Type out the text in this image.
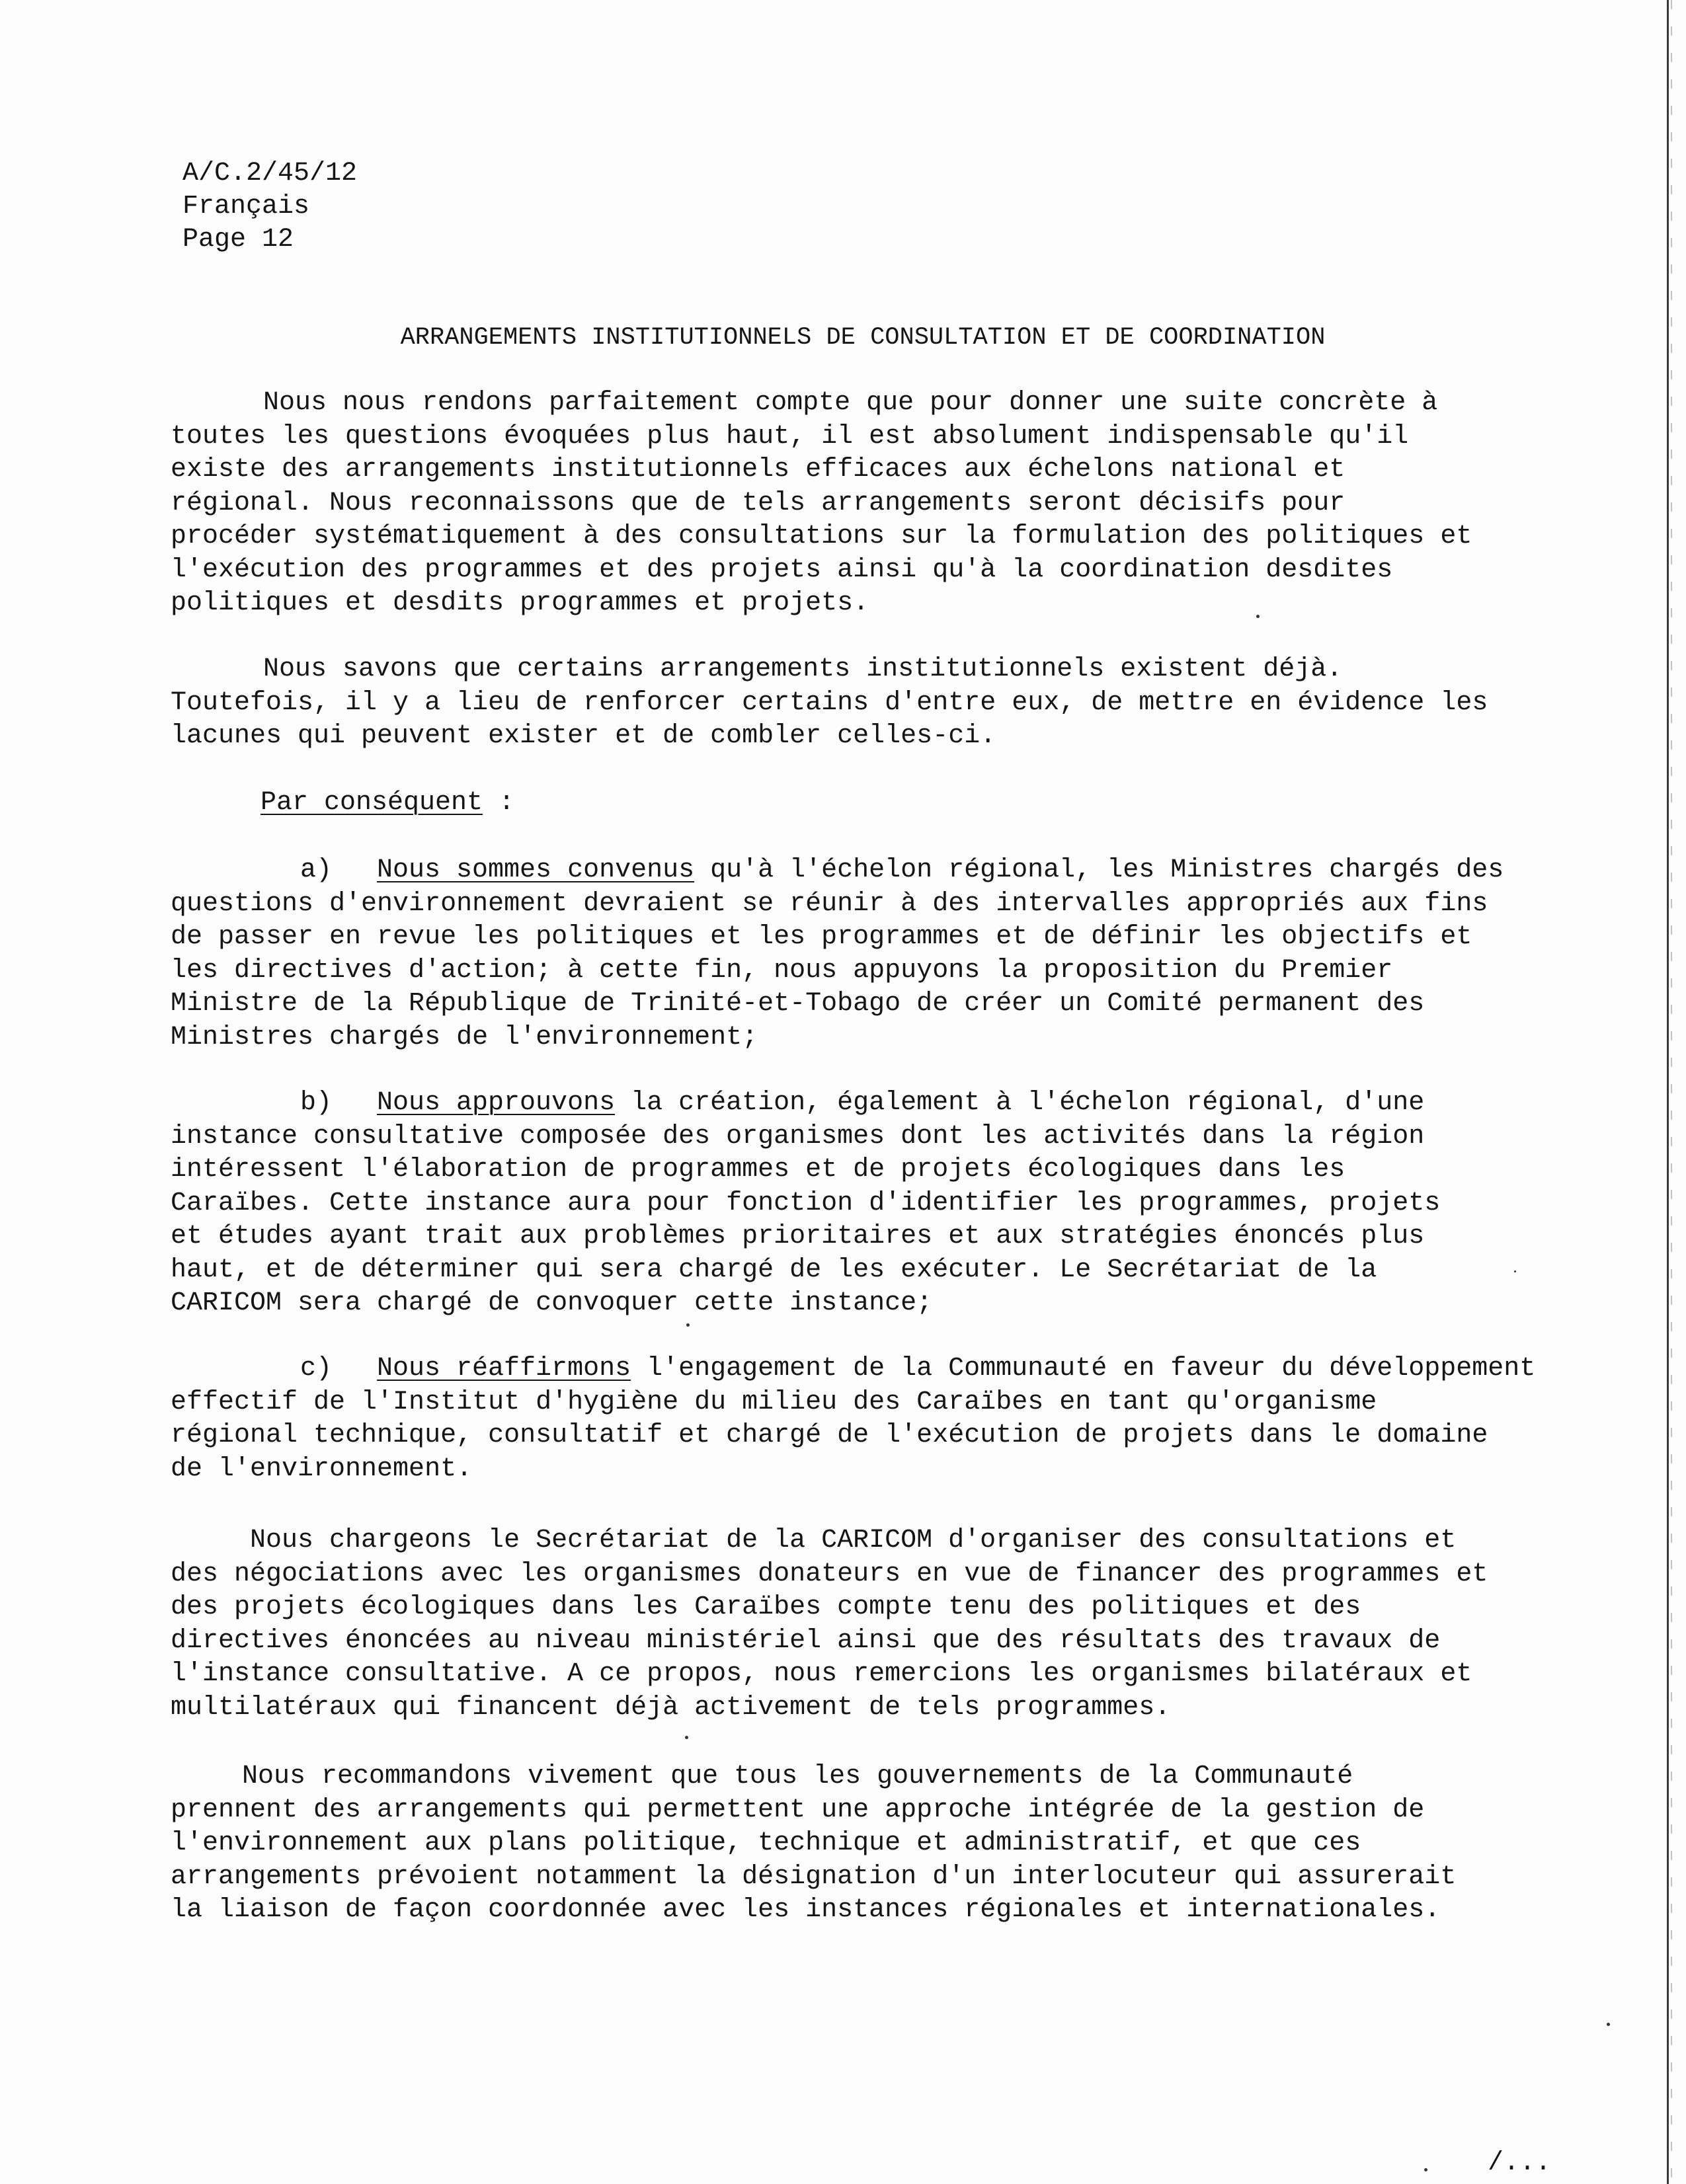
A/C.2/45/12
Français
Page 12
ARRANGEMENTS INSTITUTIONNELS DE CONSULTATION ET DE COORDINATION
Nous nous rendons parfaitement compte que pour donner une suite concrète à
toutes les questions évoquées plus haut, il est absolument indispensable qu'il
existe des arrangements institutionnels efficaces aux échelons national et
régional. Nous reconnaissons que de tels arrangements seront décisifs pour
procéder systématiquement à des consultations sur la formulation des politiques et
l'exécution des programmes et des projets ainsi qu'à la coordination desdites
politiques et desdits programmes et projets.
Nous savons que certains arrangements institutionnels existent déjà.
Toutefois, il y a lieu de renforcer certains d'entre eux, de mettre en évidence les
lacunes qui peuvent exister et de combler celles-ci.
Par conséquent :
a) Nous sommes convenus qu'à l'échelon régional, les Ministres chargés des
questions d'environnement devraient se réunir à des intervalles appropriés aux fins
de passer en revue les politiques et les programmes et de définir les objectifs et
les directives d'action; à cette fin, nous appuyons la proposition du Premier
Ministre de la République de Trinité-et-Tobago de créer un Comité permanent des
Ministres chargés de l'environnement;
b) Nous approuvons la création, également à l'échelon régional, d'une
instance consultative composée des organismes dont les activités dans la région
intéressent l'élaboration de programmes et de projets écologiques dans les
Caraïbes. Cette instance aura pour fonction d'identifier les programmes, projets
et études ayant trait aux problèmes prioritaires et aux stratégies énoncés plus
haut, et de déterminer qui sera chargé de les exécuter. Le Secrétariat de la
CARICOM sera chargé de convoquer cette instance;
c) Nous réaffirmons l'engagement de la Communauté en faveur du développement
effectif de l'Institut d'hygiène du milieu des Caraïbes en tant qu'organisme
régional technique, consultatif et chargé de l'exécution de projets dans le domaine
de l'environnement.
Nous chargeons le Secrétariat de la CARICOM d'organiser des consultations et
des négociations avec les organismes donateurs en vue de financer des programmes et
des projets écologiques dans les Caraïbes compte tenu des politiques et des
directives énoncées au niveau ministériel ainsi que des résultats des travaux de
l'instance consultative. A ce propos, nous remercions les organismes bilatéraux et
multilatéraux qui financent déjà activement de tels programmes.
Nous recommandons vivement que tous les gouvernements de la Communauté
prennent des arrangements qui permettent une approche intégrée de la gestion de
l'environnement aux plans politique, technique et administratif, et que ces
arrangements prévoient notamment la désignation d'un interlocuteur qui assurerait
la liaison de façon coordonnée avec les instances régionales et internationales.
/...
